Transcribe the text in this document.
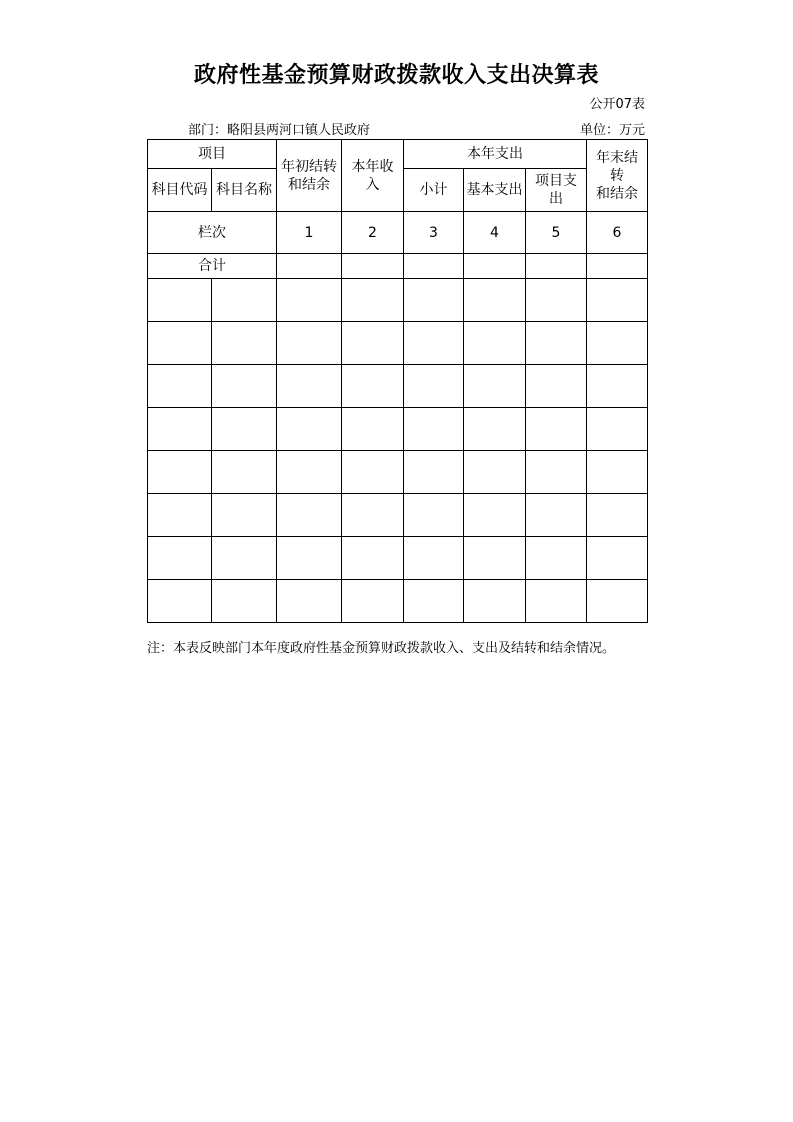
政府性基金预算财政拨款收入支出决算表
公开07表
部门：略阳县两河口镇人民政府	单位：万元
项目		年初结转和结余	本年收入	本年支出			年末结转
和结余

科目代码	科目名称			小计	基本支出	项目支出	
栏次		1	2	3	4	5	6
合计							

注：本表反映部门本年度政府性基金预算财政拨款收入、支出及结转和结余情况。
